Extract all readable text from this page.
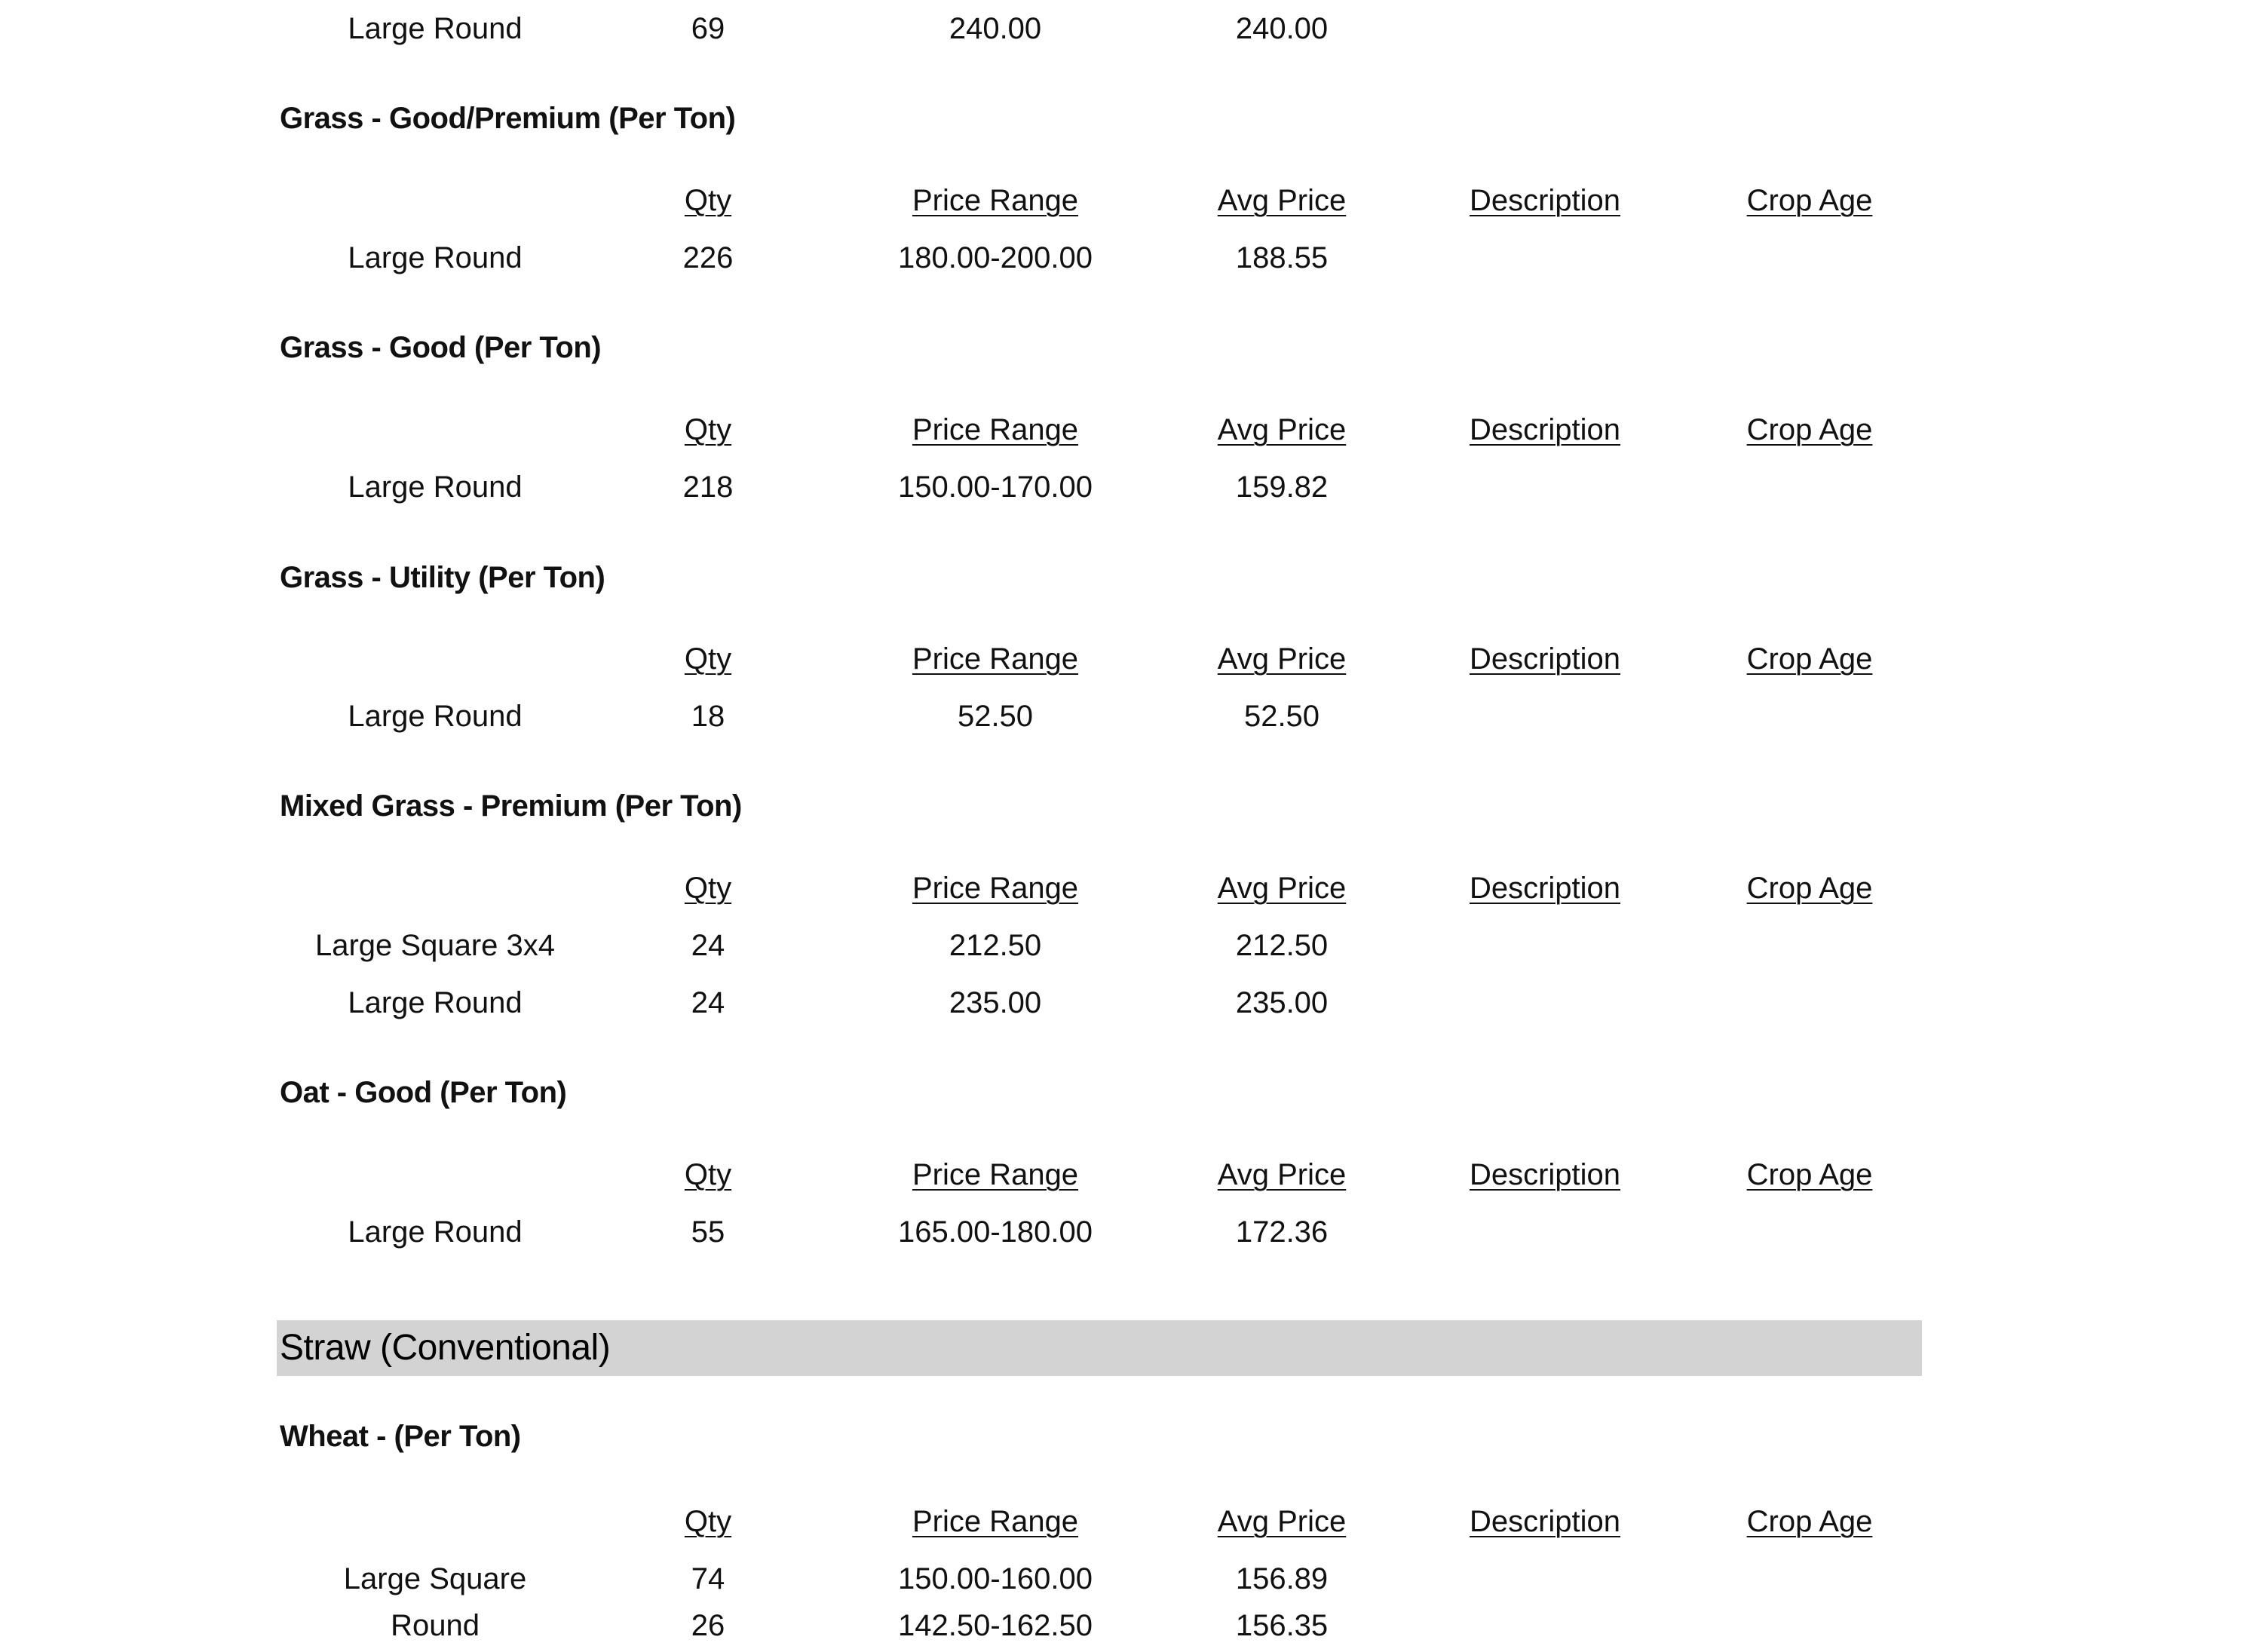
Large Round	69	240.00	240.00
Grass - Good/Premium (Per Ton)
Qty	Price Range	Avg Price	Description	Crop Age
Large Round	226	180.00-200.00	188.55
Grass - Good (Per Ton)
Qty	Price Range	Avg Price	Description	Crop Age
Large Round	218	150.00-170.00	159.82
Grass - Utility (Per Ton)
Qty	Price Range	Avg Price	Description	Crop Age
Large Round	18	52.50	52.50
Mixed Grass - Premium (Per Ton)
Qty	Price Range	Avg Price	Description	Crop Age
Large Square 3x4	24	212.50	212.50
Large Round	24	235.00	235.00
Oat - Good (Per Ton)
Qty	Price Range	Avg Price	Description	Crop Age
Large Round	55	165.00-180.00	172.36
Straw (Conventional)
Wheat - (Per Ton)
Qty	Price Range	Avg Price	Description	Crop Age
Large Square	74	150.00-160.00	156.89
Round	26	142.50-162.50	156.35
